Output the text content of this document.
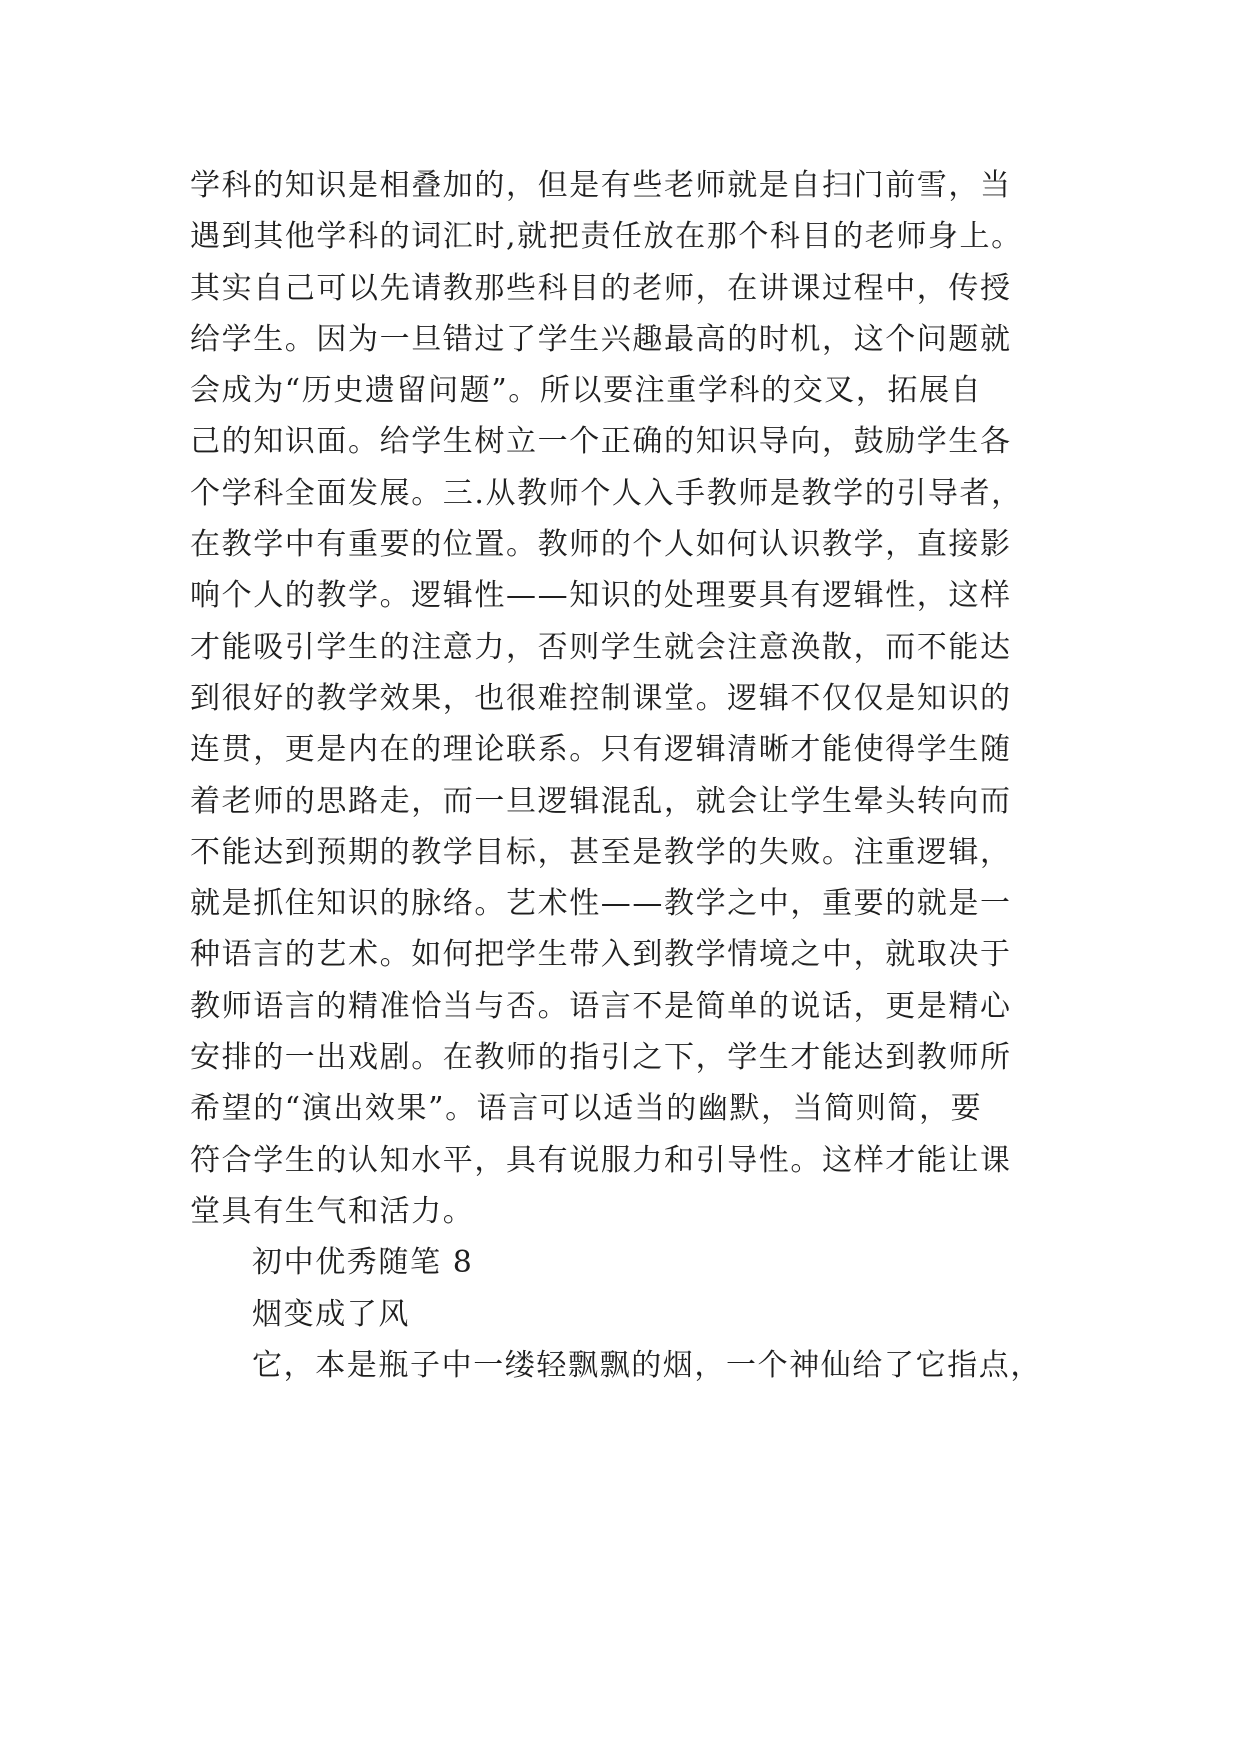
学科的知识是相叠加的，但是有些老师就是自扫门前雪，当
遇到其他学科的词汇时,就把责任放在那个科目的老师身上。
其实自己可以先请教那些科目的老师，在讲课过程中，传授
给学生。因为一旦错过了学生兴趣最高的时机，这个问题就
会成为“历史遗留问题”。所以要注重学科的交叉，拓展自
己的知识面。给学生树立一个正确的知识导向，鼓励学生各
个学科全面发展。三.从教师个人入手教师是教学的引导者，
在教学中有重要的位置。教师的个人如何认识教学，直接影
响个人的教学。逻辑性——知识的处理要具有逻辑性，这样
才能吸引学生的注意力，否则学生就会注意涣散，而不能达
到很好的教学效果，也很难控制课堂。逻辑不仅仅是知识的
连贯，更是内在的理论联系。只有逻辑清晰才能使得学生随
着老师的思路走，而一旦逻辑混乱，就会让学生晕头转向而
不能达到预期的教学目标，甚至是教学的失败。注重逻辑，
就是抓住知识的脉络。艺术性——教学之中，重要的就是一
种语言的艺术。如何把学生带入到教学情境之中，就取决于
教师语言的精准恰当与否。语言不是简单的说话，更是精心
安排的一出戏剧。在教师的指引之下，学生才能达到教师所
希望的“演出效果”。语言可以适当的幽默，当简则简，要
符合学生的认知水平，具有说服力和引导性。这样才能让课
堂具有生气和活力。
初中优秀随笔 8
烟变成了风
它，本是瓶子中一缕轻飘飘的烟，一个神仙给了它指点，
